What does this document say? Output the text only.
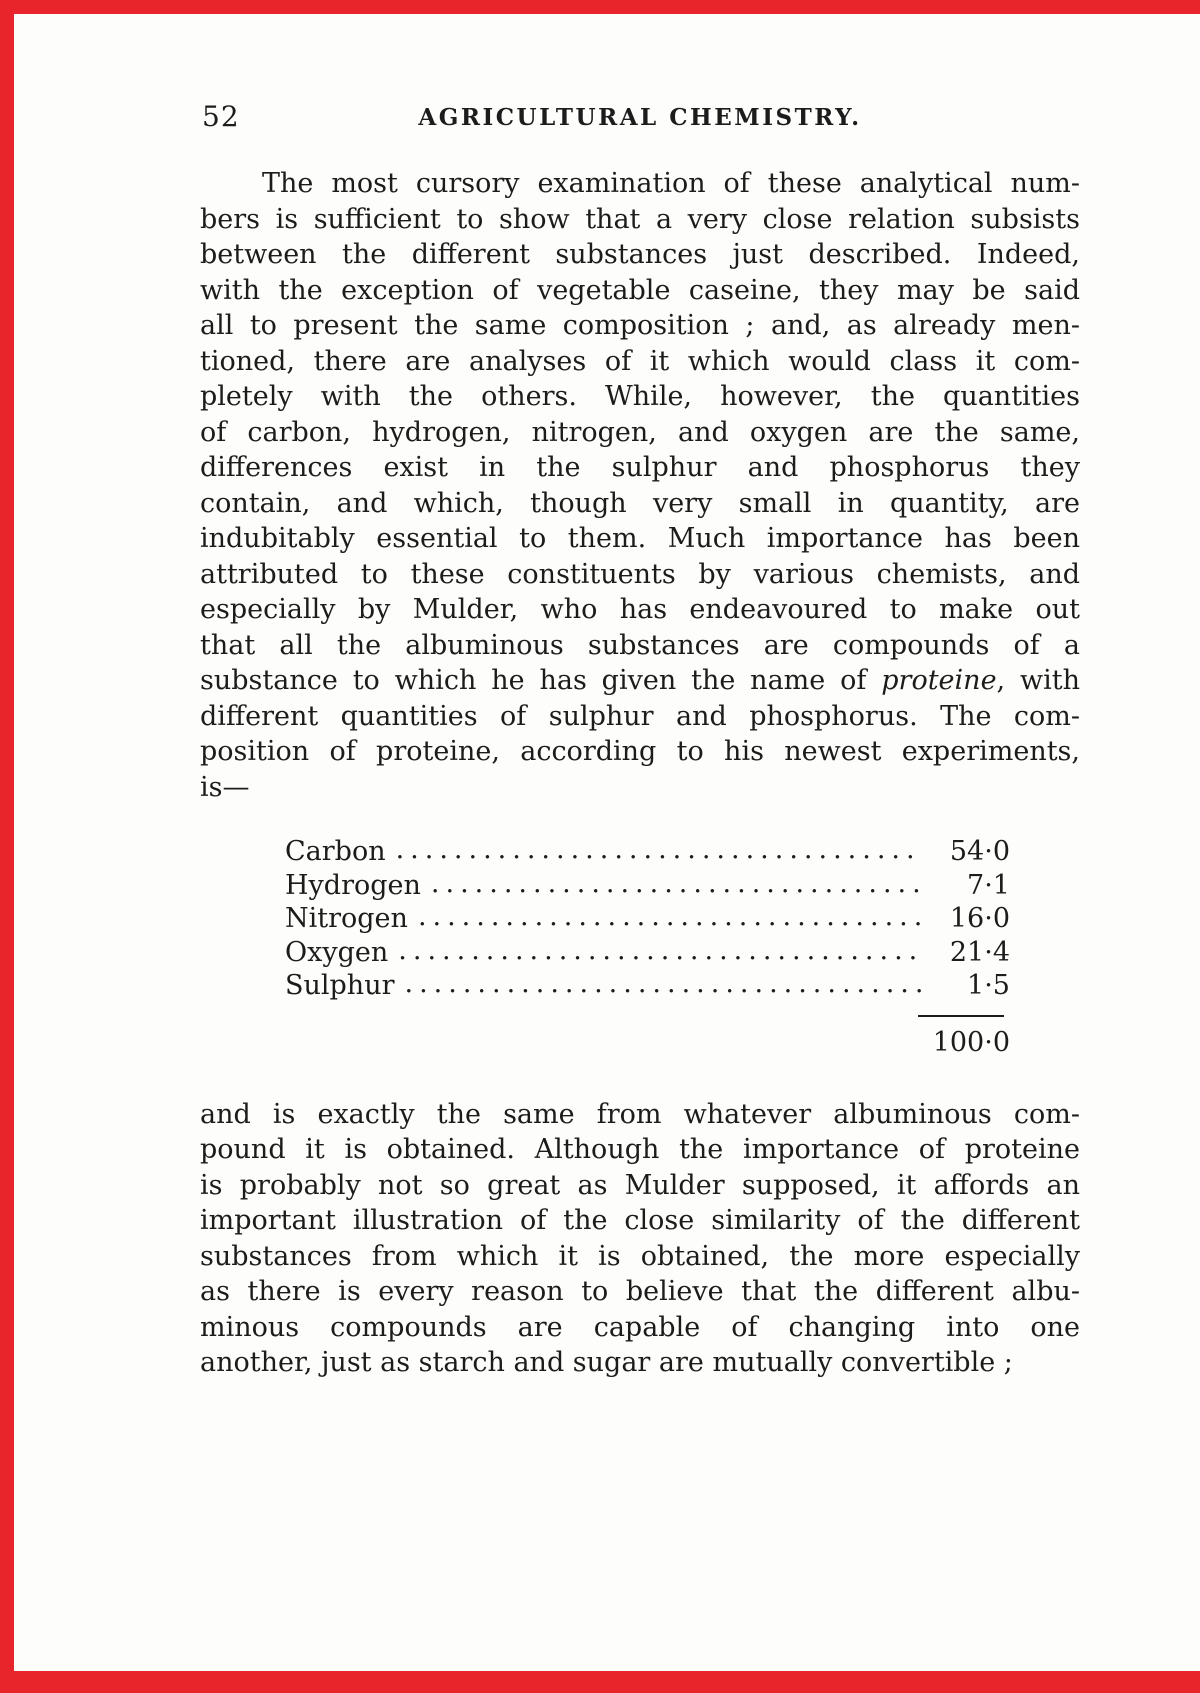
52	AGRICULTURAL CHEMISTRY.
The most cursory examination of these analytical num-
bers is sufficient to show that a very close relation subsists
between the different substances just described. Indeed,
with the exception of vegetable caseine, they may be said
all to present the same composition ; and, as already men-
tioned, there are analyses of it which would class it com-
pletely with the others. While, however, the quantities
of carbon, hydrogen, nitrogen, and oxygen are the same,
differences exist in the sulphur and phosphorus they
contain, and which, though very small in quantity, are
indubitably essential to them. Much importance has been
attributed to these constituents by various chemists, and
especially by Mulder, who has endeavoured to make out
that all the albuminous substances are compounds of a
substance to which he has given the name of proteine, with
different quantities of sulphur and phosphorus. The com-
position of proteine, according to his newest experiments,
is—
Carbon .....	54·0
Hydrogen .....	7·1
Nitrogen .....	16·0
Oxygen .....	21·4
Sulphur .....	1·5
100·0
and is exactly the same from whatever albuminous com-
pound it is obtained. Although the importance of proteine
is probably not so great as Mulder supposed, it affords an
important illustration of the close similarity of the different
substances from which it is obtained, the more especially
as there is every reason to believe that the different albu-
minous compounds are capable of changing into one
another, just as starch and sugar are mutually convertible ;
